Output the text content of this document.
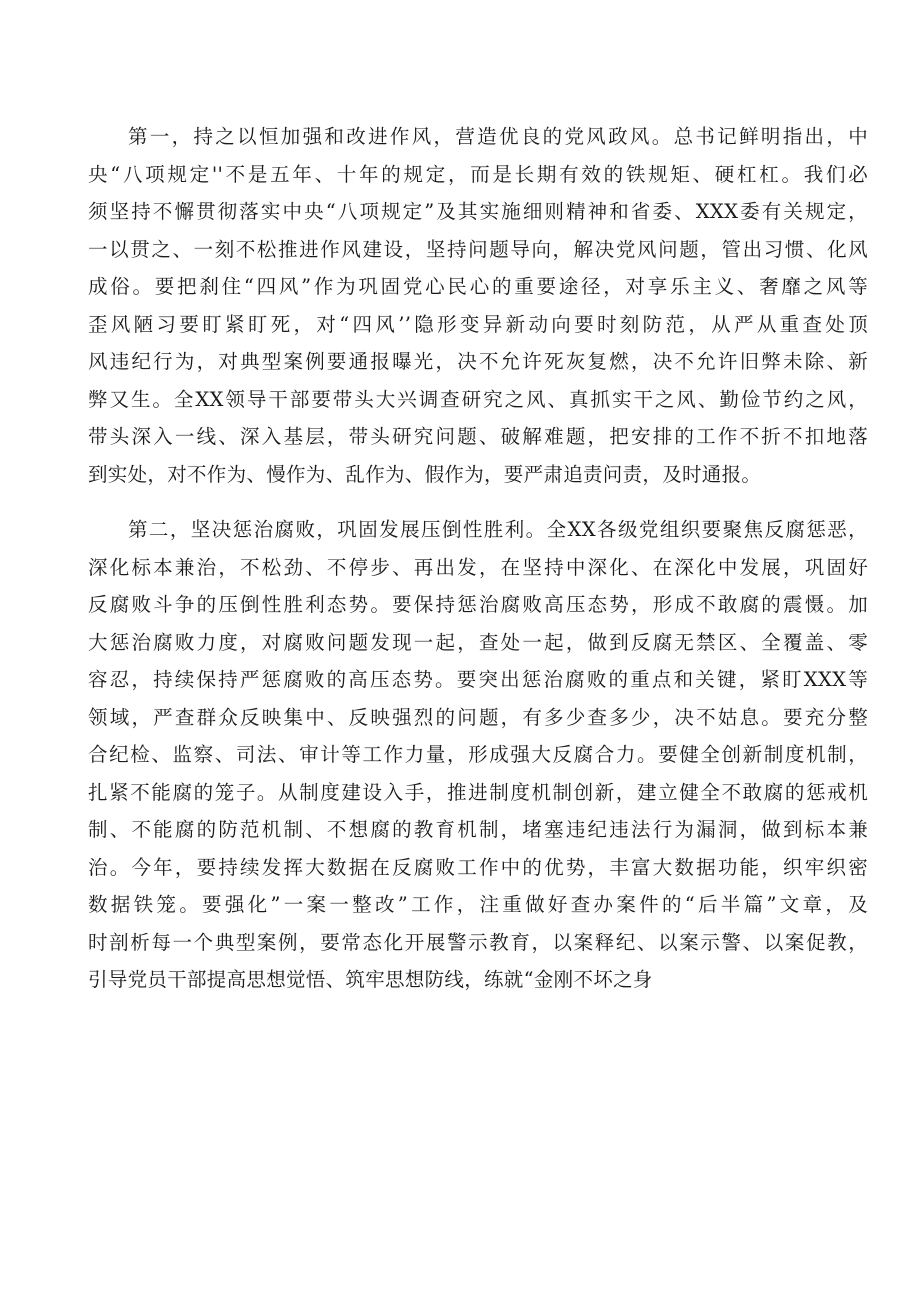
第一，持之以恒加强和改进作风，营造优良的党风政风。总书记鲜明指出，中
央“八项规定''不是五年、十年的规定，而是长期有效的铁规矩、硬杠杠。我们必
须坚持不懈贯彻落实中央“八项规定”及其实施细则精神和省委、XXX委有关规定，
一以贯之、一刻不松推进作风建设，坚持问题导向，解决党风问题，管出习惯、化风
成俗。要把刹住“四风”作为巩固党心民心的重要途径，对享乐主义、奢靡之风等
歪风陋习要盯紧盯死，对“四风’’隐形变异新动向要时刻防范，从严从重查处顶
风违纪行为，对典型案例要通报曝光，决不允许死灰复燃，决不允许旧弊未除、新
弊又生。全XX领导干部要带头大兴调查研究之风、真抓实干之风、勤俭节约之风，
带头深入一线、深入基层，带头研究问题、破解难题，把安排的工作不折不扣地落
到实处，对不作为、慢作为、乱作为、假作为，要严肃追责问责，及时通报。
第二，坚决惩治腐败，巩固发展压倒性胜利。全XX各级党组织要聚焦反腐惩恶，
深化标本兼治，不松劲、不停步、再出发，在坚持中深化、在深化中发展，巩固好
反腐败斗争的压倒性胜利态势。要保持惩治腐败高压态势，形成不敢腐的震慑。加
大惩治腐败力度，对腐败问题发现一起，查处一起，做到反腐无禁区、全覆盖、零
容忍，持续保持严惩腐败的高压态势。要突出惩治腐败的重点和关键，紧盯XXX等
领域，严查群众反映集中、反映强烈的问题，有多少查多少，决不姑息。要充分整
合纪检、监察、司法、审计等工作力量，形成强大反腐合力。要健全创新制度机制，
扎紧不能腐的笼子。从制度建设入手，推进制度机制创新，建立健全不敢腐的惩戒机
制、不能腐的防范机制、不想腐的教育机制，堵塞违纪违法行为漏洞，做到标本兼
治。今年，要持续发挥大数据在反腐败工作中的优势，丰富大数据功能，织牢织密
数据铁笼。要强化”一案一整改”工作，注重做好查办案件的“后半篇”文章，及
时剖析每一个典型案例，要常态化开展警示教育，以案释纪、以案示警、以案促教，
引导党员干部提高思想觉悟、筑牢思想防线，练就“金刚不坏之身
